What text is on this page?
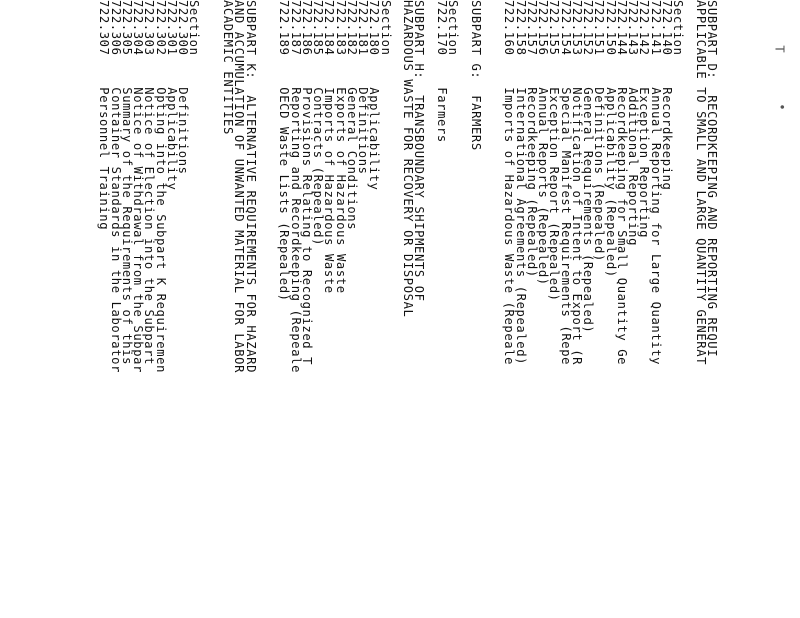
T
•
SUBPART D:  RECORDKEEPING AND REPORTING REQUI
APPLICABLE TO SMALL AND LARGE QUANTITY GENERAT
Section
722.140    Recordkeeping
722.141    Annual Reporting for Large Quantity
722.142    Exception Reporting
722.143    Additional Reporting
722.144    Recordkeeping for Small Quantity Ge
722.150    Applicability (Repealed)
722.151    Definitions (Repealed)
722.152    General Requirements (Repealed)
722.153    Notification of Intent to Export (R
722.154    Special Manifest Requirements (Repe
722.155    Exception Report (Repealed)
722.156    Annual Reports (Repealed)
722.157    Recordkeeping (Repealed)
722.158    International Agreements (Repealed)
722.160    Imports of Hazardous Waste (Repeale
SUBPART G:  FARMERS
Section
722.170    Farmers
SUBPART H:  TRANSBOUNDARY SHIPMENTS OF
HAZARDOUS WASTE FOR RECOVERY OR DISPOSAL
Section
722.180    Applicability
722.181    Definitions
722.182    General Conditions
722.183    Exports of Hazardous Waste
722.184    Imports of Hazardous Waste
722.185    Contracts (Repealed)
722.186    Provisions Relating to Recognized T
722.187    Reporting and Recordkeeping (Repeale
722.189    OECD Waste Lists (Repealed)
SUBPART K:  ALTERNATIVE REQUIREMENTS FOR HAZARD
AND ACCUMULATION OF UNWANTED MATERIAL FOR LABOR
ACADEMIC ENTITIES
Section
722.300    Definitions
722.301    Applicability
722.302    Opting into the Subpart K Requiremen
722.303    Notice of Election into the Subpart
722.304    Notice of Withdrawal from the Subpar
722.305    Summary of the Requirements of this
722.306    Container Standards in the Laborator
722.307    Personnel Training
